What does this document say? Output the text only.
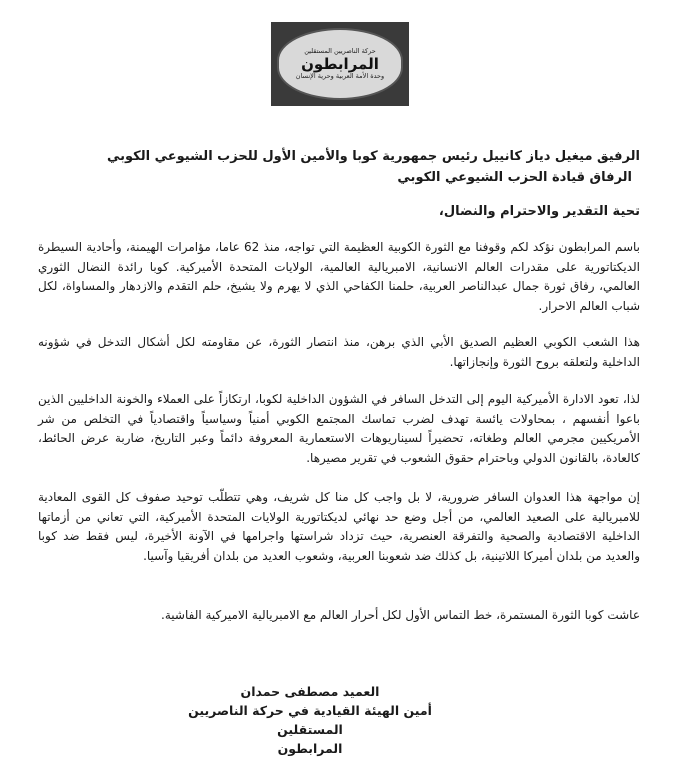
حركة الناصريين المستقلين
المرابطون
وحدة الأمة العربية وحرية الإنسان
الرفيق ميغيل دياز كانييل رئيس جمهورية كوبا والأمين الأول للحزب الشيوعي الكوبي
الرفاق قيادة الحزب الشيوعي الكوبي
تحية التقدير والاحترام والنضال،
باسم المرابطون نؤكد لكم وقوفنا مع الثورة الكوبية العظيمة التي تواجه، منذ 62 عاما، مؤامرات الهيمنة، وأحادية السيطرة الديكتاتورية على مقدرات العالم الانسانية، الامبريالية العالمية، الولايات المتحدة الأميركية. كوبا رائدة النضال الثوري العالمي، رفاق ثورة جمال عبدالناصر العربية، حلمنا الكفاحي الذي لا يهرم ولا يشيخ، حلم التقدم والازدهار والمساواة، لكل شباب العالم الاحرار.
هذا الشعب الكوبي العظيم الصديق الأبي الذي برهن، منذ انتصار الثورة، عن مقاومته لكل أشكال التدخل في شؤونه الداخلية ولتعلقه بروح الثورة وإنجازاتها.
لذا، تعود الادارة الأميركية اليوم إلى التدخل السافر في الشؤون الداخلية لكوبا، ارتكازاً على العملاء والخونة الداخليين الذين باعوا أنفسهم ، بمحاولات يائسة تهدف لضرب تماسك المجتمع الكوبي أمنياً وسياسياً واقتصادياً في التخلص من شر الأمريكيين مجرمي العالم وطغاته، تحضيراً لسيناريوهات الاستعمارية المعروفة دائماً وعبر التاريخ، ضاربة عرض الحائط، كالعادة، بالقانون الدولي وباحترام حقوق الشعوب في تقرير مصيرها.
إن مواجهة هذا العدوان السافر ضرورية، لا بل واجب كل منا كل شريف، وهي تتطلّب توحيد صفوف كل القوى المعادية للامبريالية على الصعيد العالمي، من أجل وضع حد نهائي لديكتاتورية الولايات المتحدة الأميركية، التي تعاني من أزماتها الداخلية الاقتصادية والصحية والتفرقة العنصرية، حيث تزداد شراستها واجرامها في الآونة الأخيرة، ليس فقط ضد كوبا والعديد من بلدان أميركا اللاتينية، بل كذلك ضد شعوبنا العربية، وشعوب العديد من بلدان أفريقيا وآسيا.
عاشت كوبا الثورة المستمرة، خط التماس الأول لكل أحرار العالم مع الامبريالية الاميركية الفاشية.
العميد مصطفى حمدان
أمين الهيئة القيادية في حركة الناصريين المستقلين
المرابطون
